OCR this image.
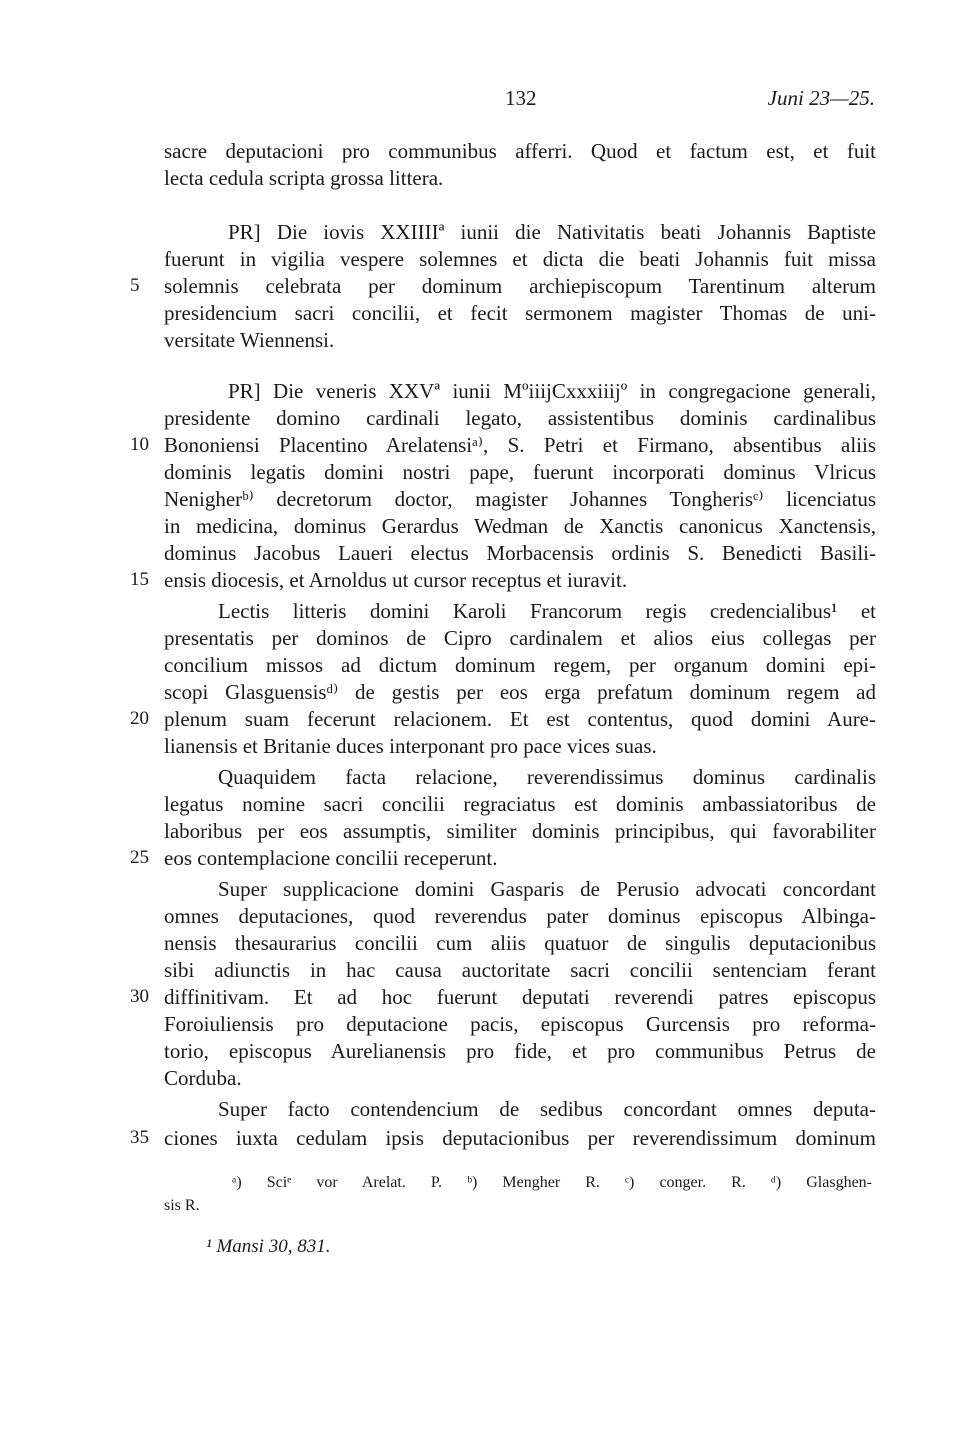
132	Juni 23—25.
sacre deputacioni pro communibus afferri. Quod et factum est, et fuit
lecta cedula scripta grossa littera.
PR] Die iovis XXIIIIª iunii die Nativitatis beati Johannis Baptiste
fuerunt in vigilia vespere solemnes et dicta die beati Johannis fuit missa
5	solemnis celebrata per dominum archiepiscopum Tarentinum alterum
presidencium sacri concilii, et fecit sermonem magister Thomas de uni-
versitate Wiennensi.
PR] Die veneris XXVª iunii MºiiijCxxxiiijº in congregacione generali,
presidente domino cardinali legato, assistentibus dominis cardinalibus
10 Bononiensi Placentino Arelatensiᵃ⁾, S. Petri et Firmano, absentibus aliis
dominis legatis domini nostri pape, fuerunt incorporati dominus Vlricus
Nenigherᵇ⁾ decretorum doctor, magister Johannes Tongherisᶜ⁾ licenciatus
in medicina, dominus Gerardus Wedman de Xanctis canonicus Xanctensis,
dominus Jacobus Laueri electus Morbacensis ordinis S. Benedicti Basili-
15 ensis diocesis, et Arnoldus ut cursor receptus et iuravit.
Lectis litteris domini Karoli Francorum regis credencialibus¹ et
presentatis per dominos de Cipro cardinalem et alios eius collegas per
concilium missos ad dictum dominum regem, per organum domini epi-
scopi Glasguensisᵈ⁾ de gestis per eos erga prefatum dominum regem ad
20 plenum suam fecerunt relacionem. Et est contentus, quod domini Aure-
lianensis et Britanie duces interponant pro pace vices suas.
Quaquidem facta relacione, reverendissimus dominus cardinalis
legatus nomine sacri concilii regraciatus est dominis ambassiatoribus de
laboribus per eos assumptis, similiter dominis principibus, qui favorabiliter
25 eos contemplacione concilii receperunt.
Super supplicacione domini Gasparis de Perusio advocati concordant
omnes deputaciones, quod reverendus pater dominus episcopus Albinga-
nensis thesaurarius concilii cum aliis quatuor de singulis deputacionibus
sibi adiunctis in hac causa auctoritate sacri concilii sentenciam ferant
30 diffinitivam. Et ad hoc fuerunt deputati reverendi patres episcopus
Foroiuliensis pro deputacione pacis, episcopus Gurcensis pro reforma-
torio, episcopus Aurelianensis pro fide, et pro communibus Petrus de
Corduba.
Super facto contendencium de sedibus concordant omnes deputa-
35 ciones iuxta cedulam ipsis deputacionibus per reverendissimum dominum
ᵃ) Sciᵉ vor Arelat. P. ᵇ) Mengher R. ᶜ) conger. R. ᵈ) Glasghen-
sis R.
¹ Mansi 30, 831.
